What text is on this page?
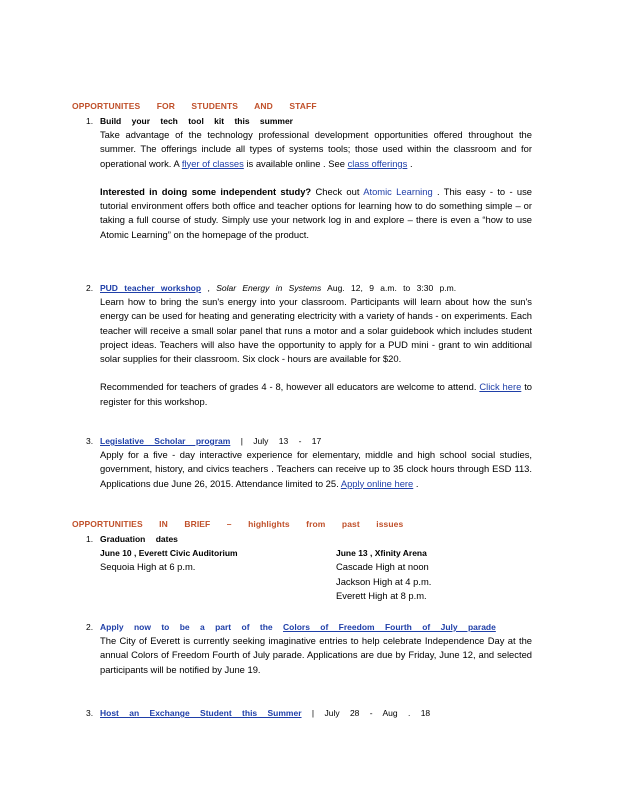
OPPORTUNITES FOR STUDENTS AND STAFF
1. Build your tech tool kit this summer

Take advantage of the technology professional development opportunities offered throughout the summer. The offerings include all types of systems tools; those used within the classroom and for operational work. A flyer of classes is available online . See class offerings .

Interested in doing some independent study? Check out Atomic Learning . This easy - to - use tutorial environment offers both office and teacher options for learning how to do something simple – or taking a full course of study. Simply use your network log in and explore – there is even a “how to use Atomic Learning” on the homepage of the product.

2. PUD teacher workshop , Solar Energy in Systems Aug. 12, 9 a.m. to 3:30 p.m.

Learn how to bring the sun's energy into your classroom. Participants will learn about how the sun's energy can be used for heating and generating electricity with a variety of hands - on experiments. Each teacher will receive a small solar panel that runs a motor and a solar guidebook which includes student project ideas. Teachers will also have the opportunity to apply for a PUD mini - grant to win additional solar supplies for their classroom. Six clock - hours are available for $20.

Recommended for teachers of grades 4 - 8, however all educators are welcome to attend. Click here to register for this workshop.

3. Legislative Scholar program | July 13 - 17

Apply for a five - day interactive experience for elementary, middle and high school social studies, government, history, and civics teachers . Teachers can receive up to 35 clock hours through ESD 113. Applications due June 26, 2015. Attendance limited to 25. Apply online here .

OPPORTUNITIES IN BRIEF – highlights from past issues
1. Graduation dates
June 10 , Everett Civic Auditorium
Sequoia High at 6 p.m.
June 13 , Xfinity Arena
Cascade High at noon
Jackson High at 4 p.m.
Everett High at 8 p.m.
2. Apply now to be a part of the Colors of Freedom Fourth of July parade

The City of Everett is currently seeking imaginative entries to help celebrate Independence Day at the annual Colors of Freedom Fourth of July parade. Applications are due by Friday, June 12, and selected participants will be notified by June 19.

3. Host an Exchange Student this Summer | July 28 - Aug . 18
